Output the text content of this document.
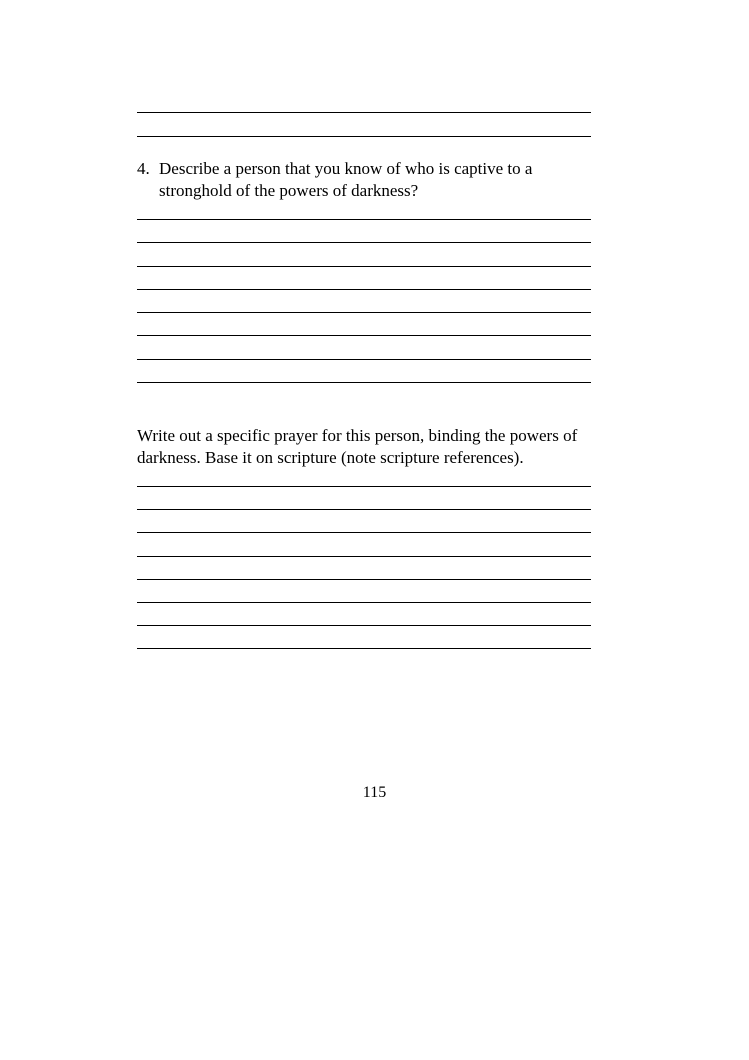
4. Describe a person that you know of who is captive to a
stronghold of the powers of darkness?
Write out a specific prayer for this person, binding the powers of
darkness. Base it on scripture (note scripture references).
115
